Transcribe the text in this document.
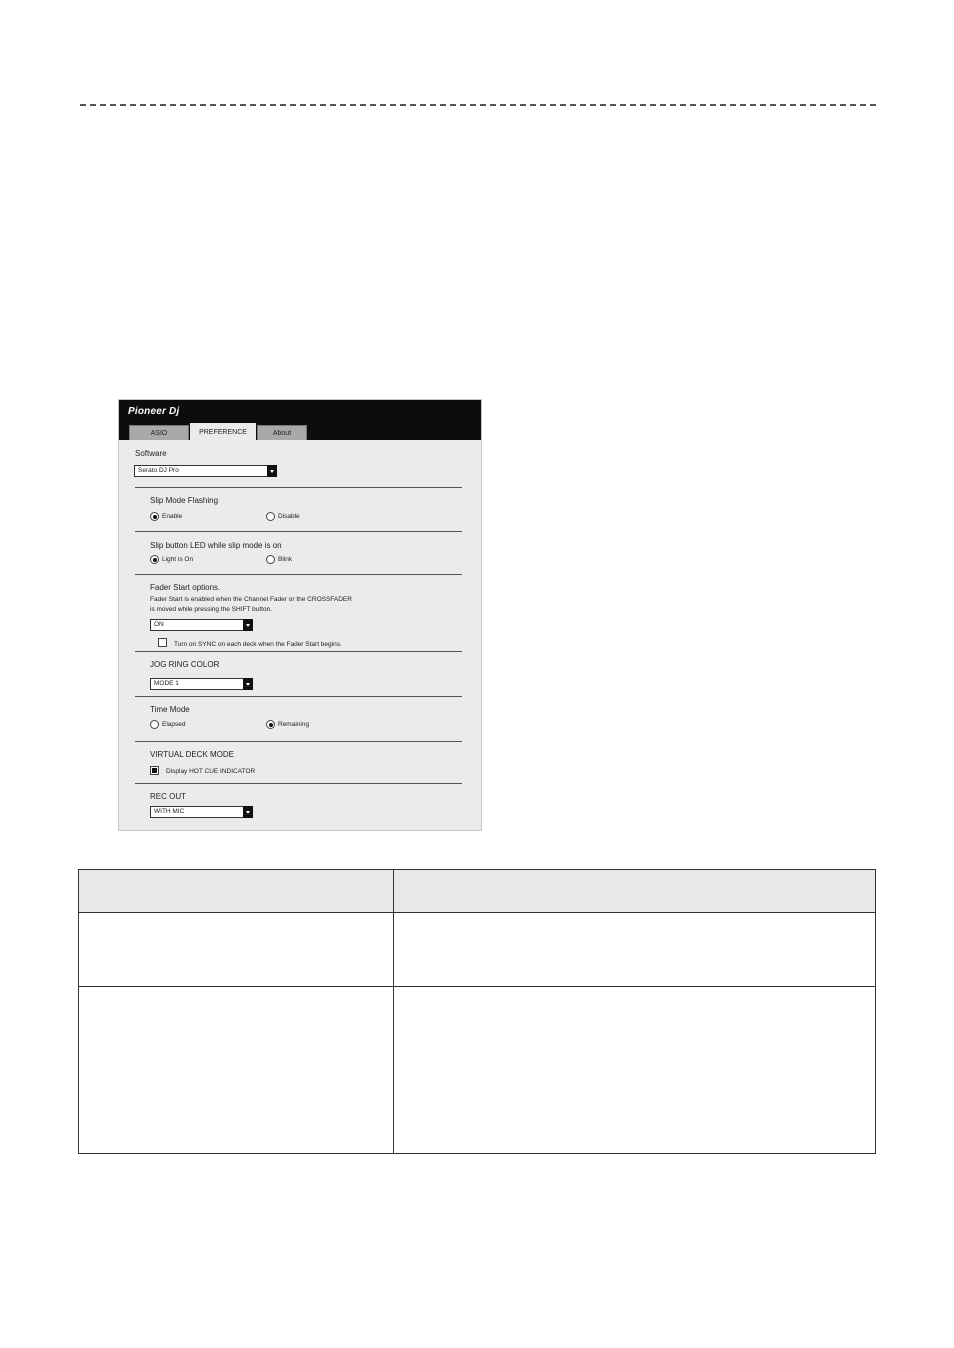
Pioneer Dj
ASIO	PREFERENCE	About
Software
Serato DJ Pro
Slip Mode Flashing
Enable	Disable
Slip button LED while slip mode is on
Light is On	Blink
Fader Start options.
Fader Start is enabled when the Channel Fader or the CROSSFADER
is moved while pressing the SHIFT button.
ON
Turn on SYNC on each deck when the Fader Start begins.
JOG RING COLOR
MODE 1
Time Mode
Elapsed	Remaining
VIRTUAL DECK MODE
Display HOT CUE INDICATOR
REC OUT
WITH MIC
